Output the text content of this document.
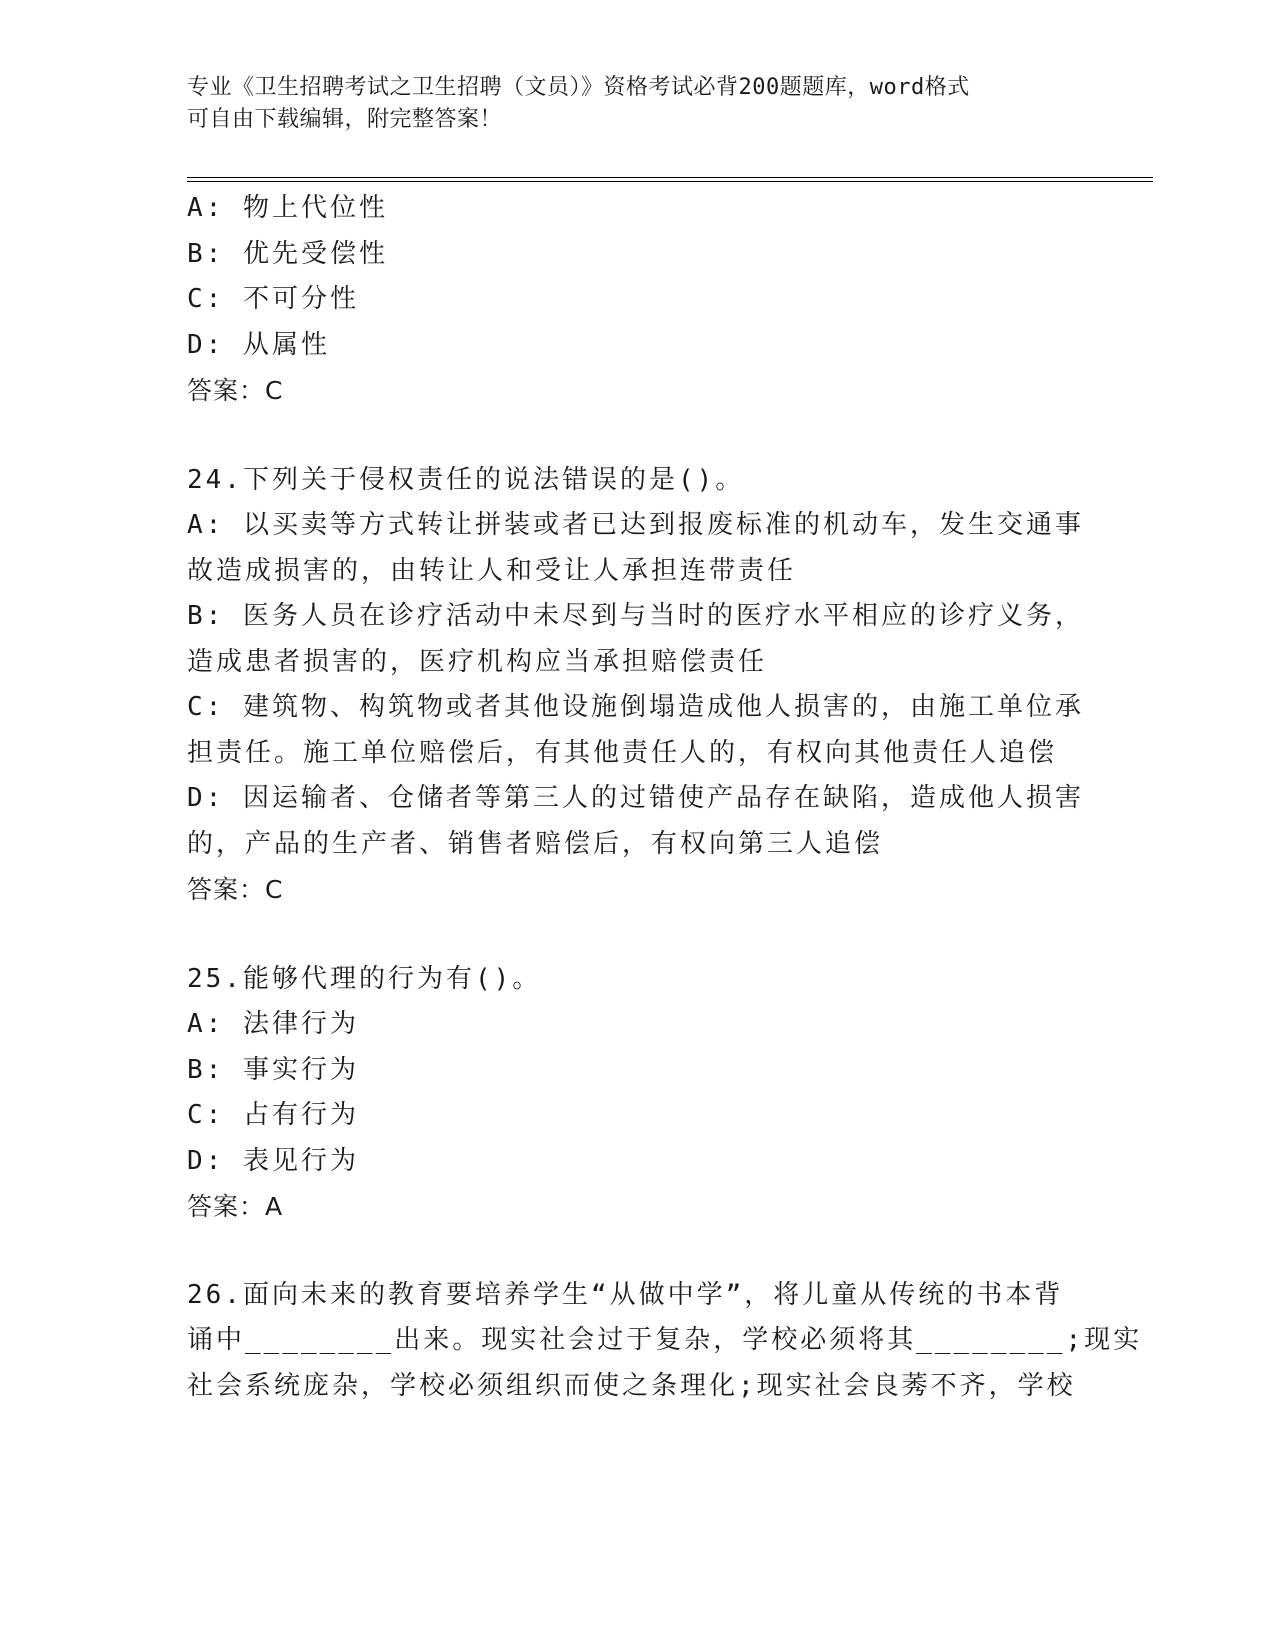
专业《卫生招聘考试之卫生招聘（文员）》资格考试必背200题题库，word格式
可自由下载编辑，附完整答案！
A: 物上代位性
B: 优先受偿性
C: 不可分性
D: 从属性
答案：C
24.下列关于侵权责任的说法错误的是()。
A: 以买卖等方式转让拼装或者已达到报废标准的机动车，发生交通事
故造成损害的，由转让人和受让人承担连带责任
B: 医务人员在诊疗活动中未尽到与当时的医疗水平相应的诊疗义务，
造成患者损害的，医疗机构应当承担赔偿责任
C: 建筑物、构筑物或者其他设施倒塌造成他人损害的，由施工单位承
担责任。施工单位赔偿后，有其他责任人的，有权向其他责任人追偿
D: 因运输者、仓储者等第三人的过错使产品存在缺陷，造成他人损害
的，产品的生产者、销售者赔偿后，有权向第三人追偿
答案：C
25.能够代理的行为有()。
A: 法律行为
B: 事实行为
C: 占有行为
D: 表见行为
答案：A
26.面向未来的教育要培养学生“从做中学”，将儿童从传统的书本背
诵中________出来。现实社会过于复杂，学校必须将其________;现实
社会系统庞杂，学校必须组织而使之条理化;现实社会良莠不齐，学校
